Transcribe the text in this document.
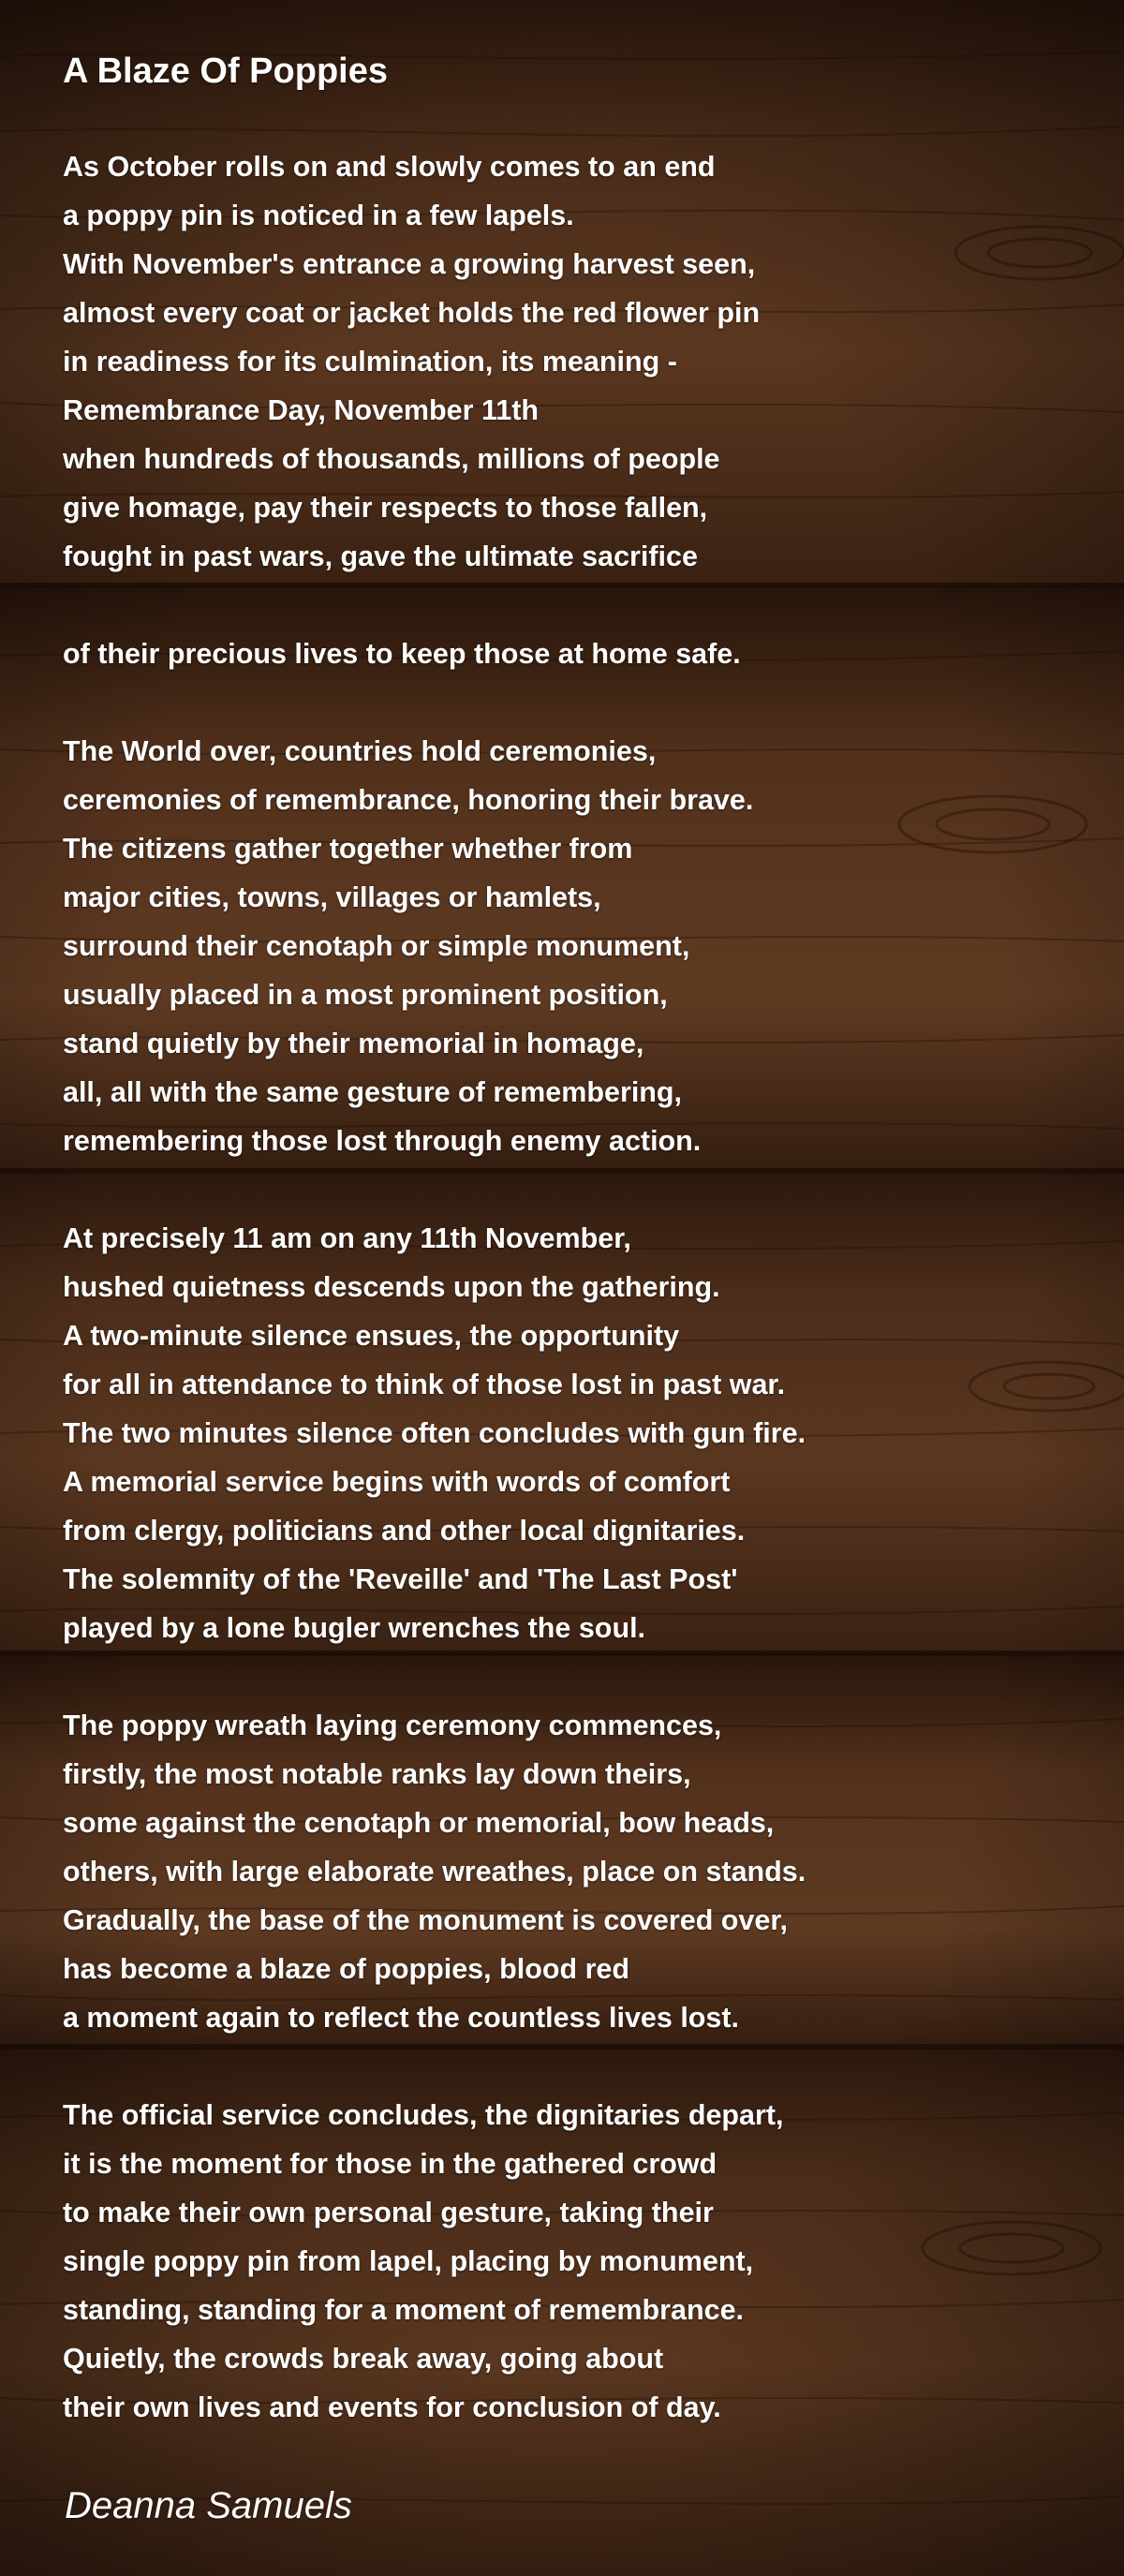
A Blaze Of Poppies
As October rolls on and slowly comes to an end
a poppy pin is noticed in a few lapels.
With November's entrance a growing harvest seen,
almost every coat or jacket holds the red flower pin
in readiness for its culmination, its meaning -
Remembrance Day, November 11th
when hundreds of thousands, millions of people
give homage, pay their respects to those fallen,
fought in past wars, gave the ultimate sacrifice
of their precious lives to keep those at home safe.
The World over, countries hold ceremonies,
ceremonies of remembrance, honoring their brave.
The citizens gather together whether from
major cities, towns, villages or hamlets,
surround their cenotaph or simple monument,
usually placed in a most prominent position,
stand quietly by their memorial in homage,
all, all with the same gesture of remembering,
remembering those lost through enemy action.
At precisely 11 am on any 11th November,
hushed quietness descends upon the gathering.
A two-minute silence ensues, the opportunity
for all in attendance to think of those lost in past war.
The two minutes silence often concludes with gun fire.
A memorial service begins with words of comfort
from clergy, politicians and other local dignitaries.
The solemnity of the 'Reveille' and 'The Last Post'
played by a lone bugler wrenches the soul.
The poppy wreath laying ceremony commences,
firstly, the most notable ranks lay down theirs,
some against the cenotaph or memorial, bow heads,
others, with large elaborate wreathes, place on stands.
Gradually, the base of the monument is covered over,
has become a blaze of poppies, blood red
a moment again to reflect the countless lives lost.
The official service concludes, the dignitaries depart,
it is the moment for those in the gathered crowd
to make their own personal gesture, taking their
single poppy pin from lapel, placing by monument,
standing, standing for a moment of remembrance.
Quietly, the crowds break away, going about
their own lives and events for conclusion of day.
Deanna Samuels
